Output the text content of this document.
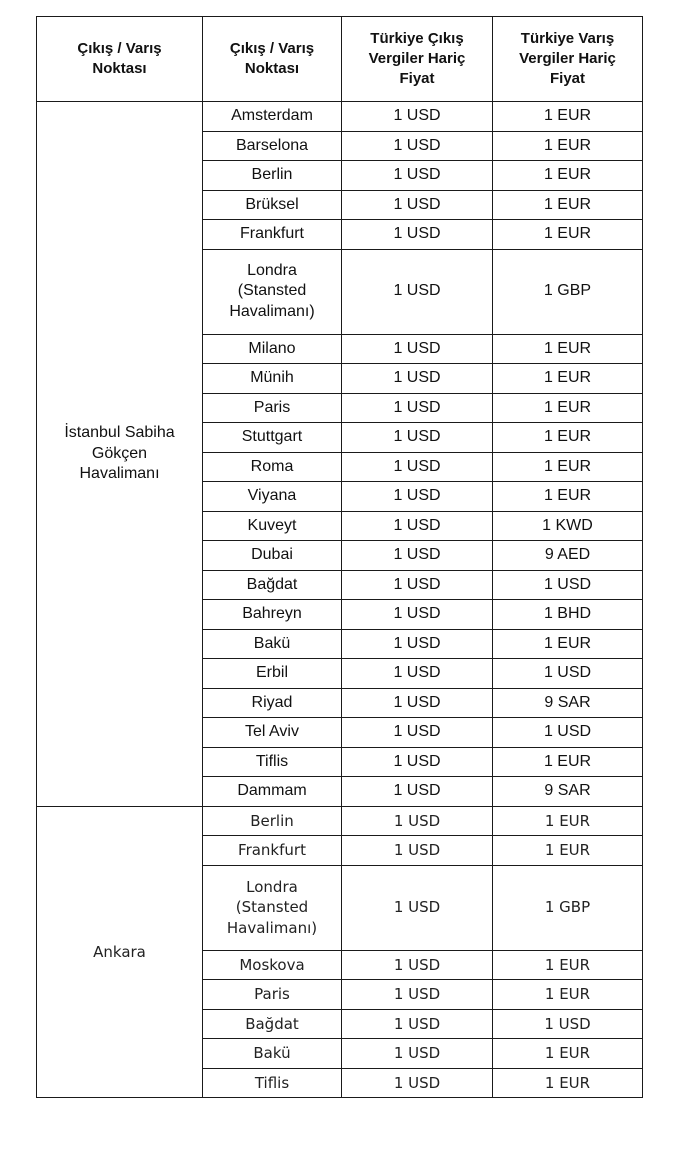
Çıkış / Varış
Noktası	Çıkış / Varış
Noktası	Türkiye Çıkış
Vergiler Hariç
Fiyat	Türkiye Varış
Vergiler Hariç
Fiyat
İstanbul Sabiha
Gökçen
Havalimanı	Amsterdam	1 USD	1 EUR
	Barselona	1 USD	1 EUR
	Berlin	1 USD	1 EUR
	Brüksel	1 USD	1 EUR
	Frankfurt	1 USD	1 EUR
	Londra
(Stansted
Havalimanı)	1 USD	1 GBP
	Milano	1 USD	1 EUR
	Münih	1 USD	1 EUR
	Paris	1 USD	1 EUR
	Stuttgart	1 USD	1 EUR
	Roma	1 USD	1 EUR
	Viyana	1 USD	1 EUR
	Kuveyt	1 USD	1 KWD
	Dubai	1 USD	9 AED
	Bağdat	1 USD	1 USD
	Bahreyn	1 USD	1 BHD
	Bakü	1 USD	1 EUR
	Erbil	1 USD	1 USD
	Riyad	1 USD	9 SAR
	Tel Aviv	1 USD	1 USD
	Tiflis	1 USD	1 EUR
	Dammam	1 USD	9 SAR
Ankara	Berlin	1 USD	1 EUR
	Frankfurt	1 USD	1 EUR
	Londra
(Stansted
Havalimanı)	1 USD	1 GBP
	Moskova	1 USD	1 EUR
	Paris	1 USD	1 EUR
	Bağdat	1 USD	1 USD
	Bakü	1 USD	1 EUR
	Tiflis	1 USD	1 EUR
